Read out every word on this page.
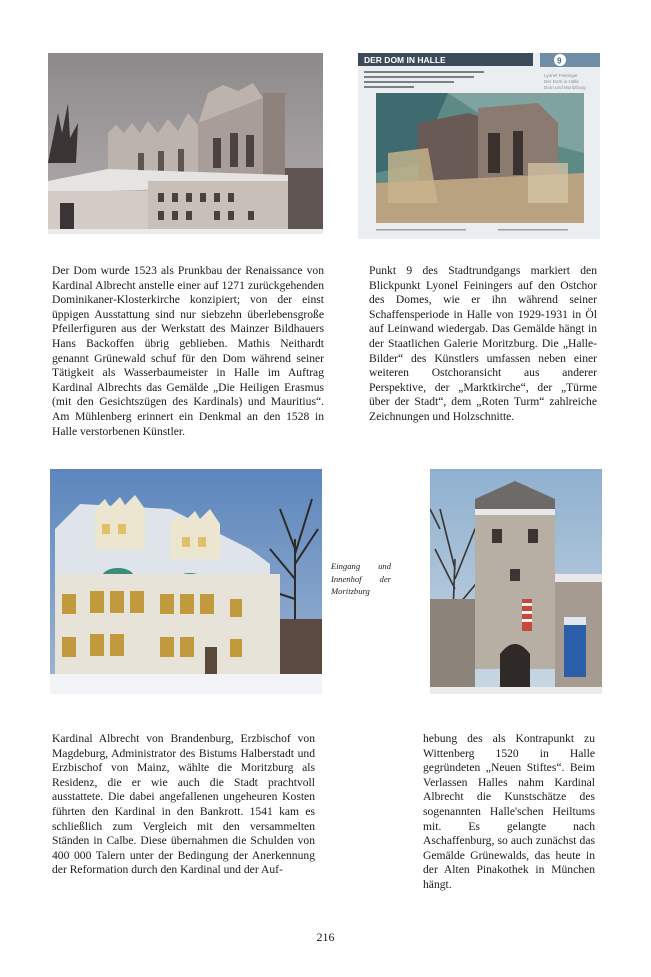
DER DOM IN HALLE	9
Lyonel Feininger
Der Dom in Halle
Dom und Moritzburg
Der Dom wurde 1523 als Prunkbau der Renaissance von Kardinal Albrecht anstelle einer auf 1271 zurückgehenden Dominikaner-Klosterkirche konzipiert; von der einst üppigen Ausstattung sind nur siebzehn überlebensgroße Pfeilerfiguren aus der Werkstatt des Mainzer Bildhauers Hans Backoffen übrig geblieben. Mathis Neithardt genannt Grünewald schuf für den Dom während seiner Tätigkeit als Wasserbaumeister in Halle im Auftrag Kardinal Albrechts das Gemälde „Die Heiligen Erasmus (mit den Gesichtszügen des Kardinals) und Mauritius“. Am Mühlenberg erinnert ein Denkmal an den 1528 in Halle verstorbenen Künstler.
Punkt 9 des Stadtrundgangs markiert den Blickpunkt Lyonel Feiningers auf den Ostchor des Domes, wie er ihn während seiner Schaffensperiode in Halle von 1929-1931 in Öl auf Leinwand wiedergab. Das Gemälde hängt in der Staatlichen Galerie Moritzburg. Die „Halle-Bilder“ des Künstlers umfassen neben einer weiteren Ostchoransicht aus anderer Perspektive, der „Marktkirche“, der „Türme über der Stadt“, dem „Roten Turm“ zahlreiche Zeichnungen und Holzschnitte.
Eingang und Innenhof der Moritzburg
Kardinal Albrecht von Brandenburg, Erzbischof von Magdeburg, Administrator des Bistums Halberstadt und Erzbischof von Mainz, wählte die Moritzburg als Residenz, die er wie auch die Stadt prachtvoll ausstattete. Die dabei angefallenen ungeheuren Kosten führten den Kardinal in den Bankrott. 1541 kam es schließlich zum Vergleich mit den versammelten Ständen in Calbe. Diese übernahmen die Schulden von 400 000 Talern unter der Bedingung der Anerkennung der Reformation durch den Kardinal und der Auf-
hebung des als Kontrapunkt zu Wittenberg 1520 in Halle gegründeten „Neuen Stiftes“. Beim Verlassen Halles nahm Kardinal Albrecht die Kunstschätze des sogenannten Halle'schen Heiltums mit. Es gelangte nach Aschaffenburg, so auch zunächst das Gemälde Grünewalds, das heute in der Alten Pinakothek in München hängt.
216
